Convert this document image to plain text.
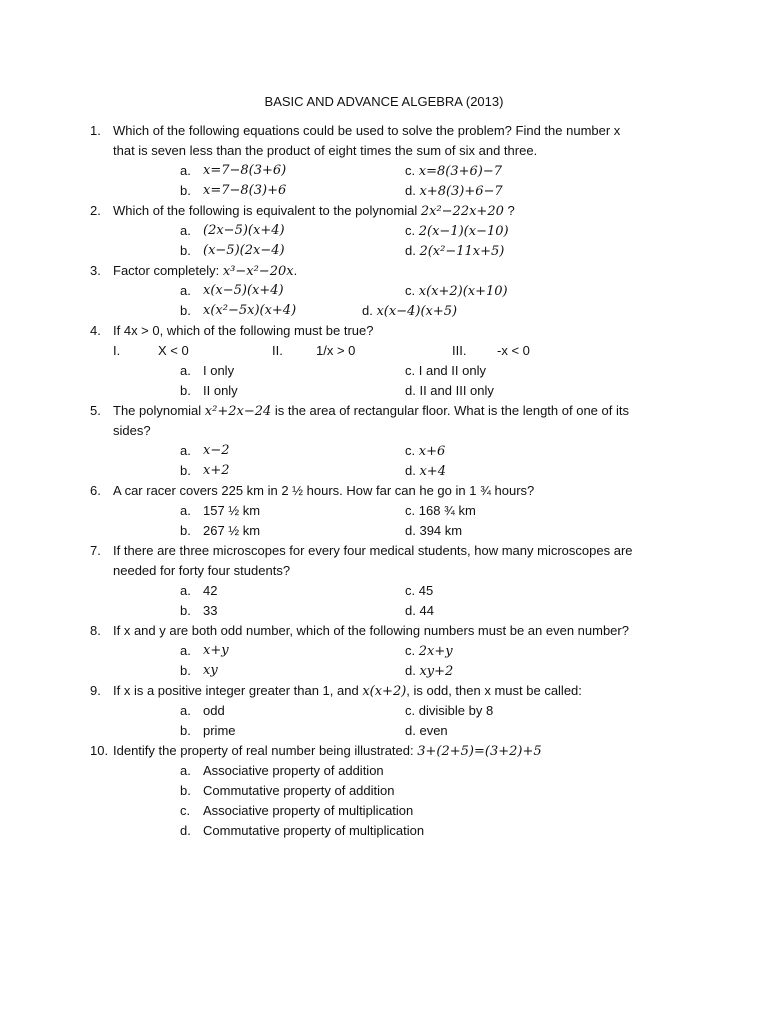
BASIC AND ADVANCE ALGEBRA (2013)
1. Which of the following equations could be used to solve the problem? Find the number x
that is seven less than the product of eight times the sum of six and three.
a. x=7−8(3+6)	c. x=8(3+6)−7
b. x=7−8(3)+6	d. x+8(3)+6−7
2. Which of the following is equivalent to the polynomial 2x²−22x+20 ?
a. (2x−5)(x+4)	c. 2(x−1)(x−10)
b. (x−5)(2x−4)	d. 2(x²−11x+5)
3. Factor completely: x³−x²−20x.
a. x(x−5)(x+4)	c. x(x+2)(x+10)
b. x(x²−5x)(x+4)	d. x(x−4)(x+5)
4. If 4x > 0, which of the following must be true?
I.	X < 0	II.	1/x > 0	III. -x < 0
a. I only	c. I and II only
b. II only	d. II and III only
5. The polynomial x²+2x−24 is the area of rectangular floor. What is the length of one of its
sides?
a. x−2	c. x+6
b. x+2	d. x+4
6. A car racer covers 225 km in 2 ½ hours. How far can he go in 1 ¾ hours?
a. 157 ½ km	c. 168 ¾ km
b. 267 ½ km	d. 394 km
7. If there are three microscopes for every four medical students, how many microscopes are
needed for forty four students?
a. 42	c. 45
b. 33	d. 44
8. If x and y are both odd number, which of the following numbers must be an even number?
a. x+y	c. 2x+y
b. xy	d. xy+2
9. If x is a positive integer greater than 1, and x(x+2), is odd, then x must be called:
a. odd	c. divisible by 8
b. prime	d. even
10. Identify the property of real number being illustrated: 3+(2+5)=(3+2)+5
a. Associative property of addition
b. Commutative property of addition
c. Associative property of multiplication
d. Commutative property of multiplication
